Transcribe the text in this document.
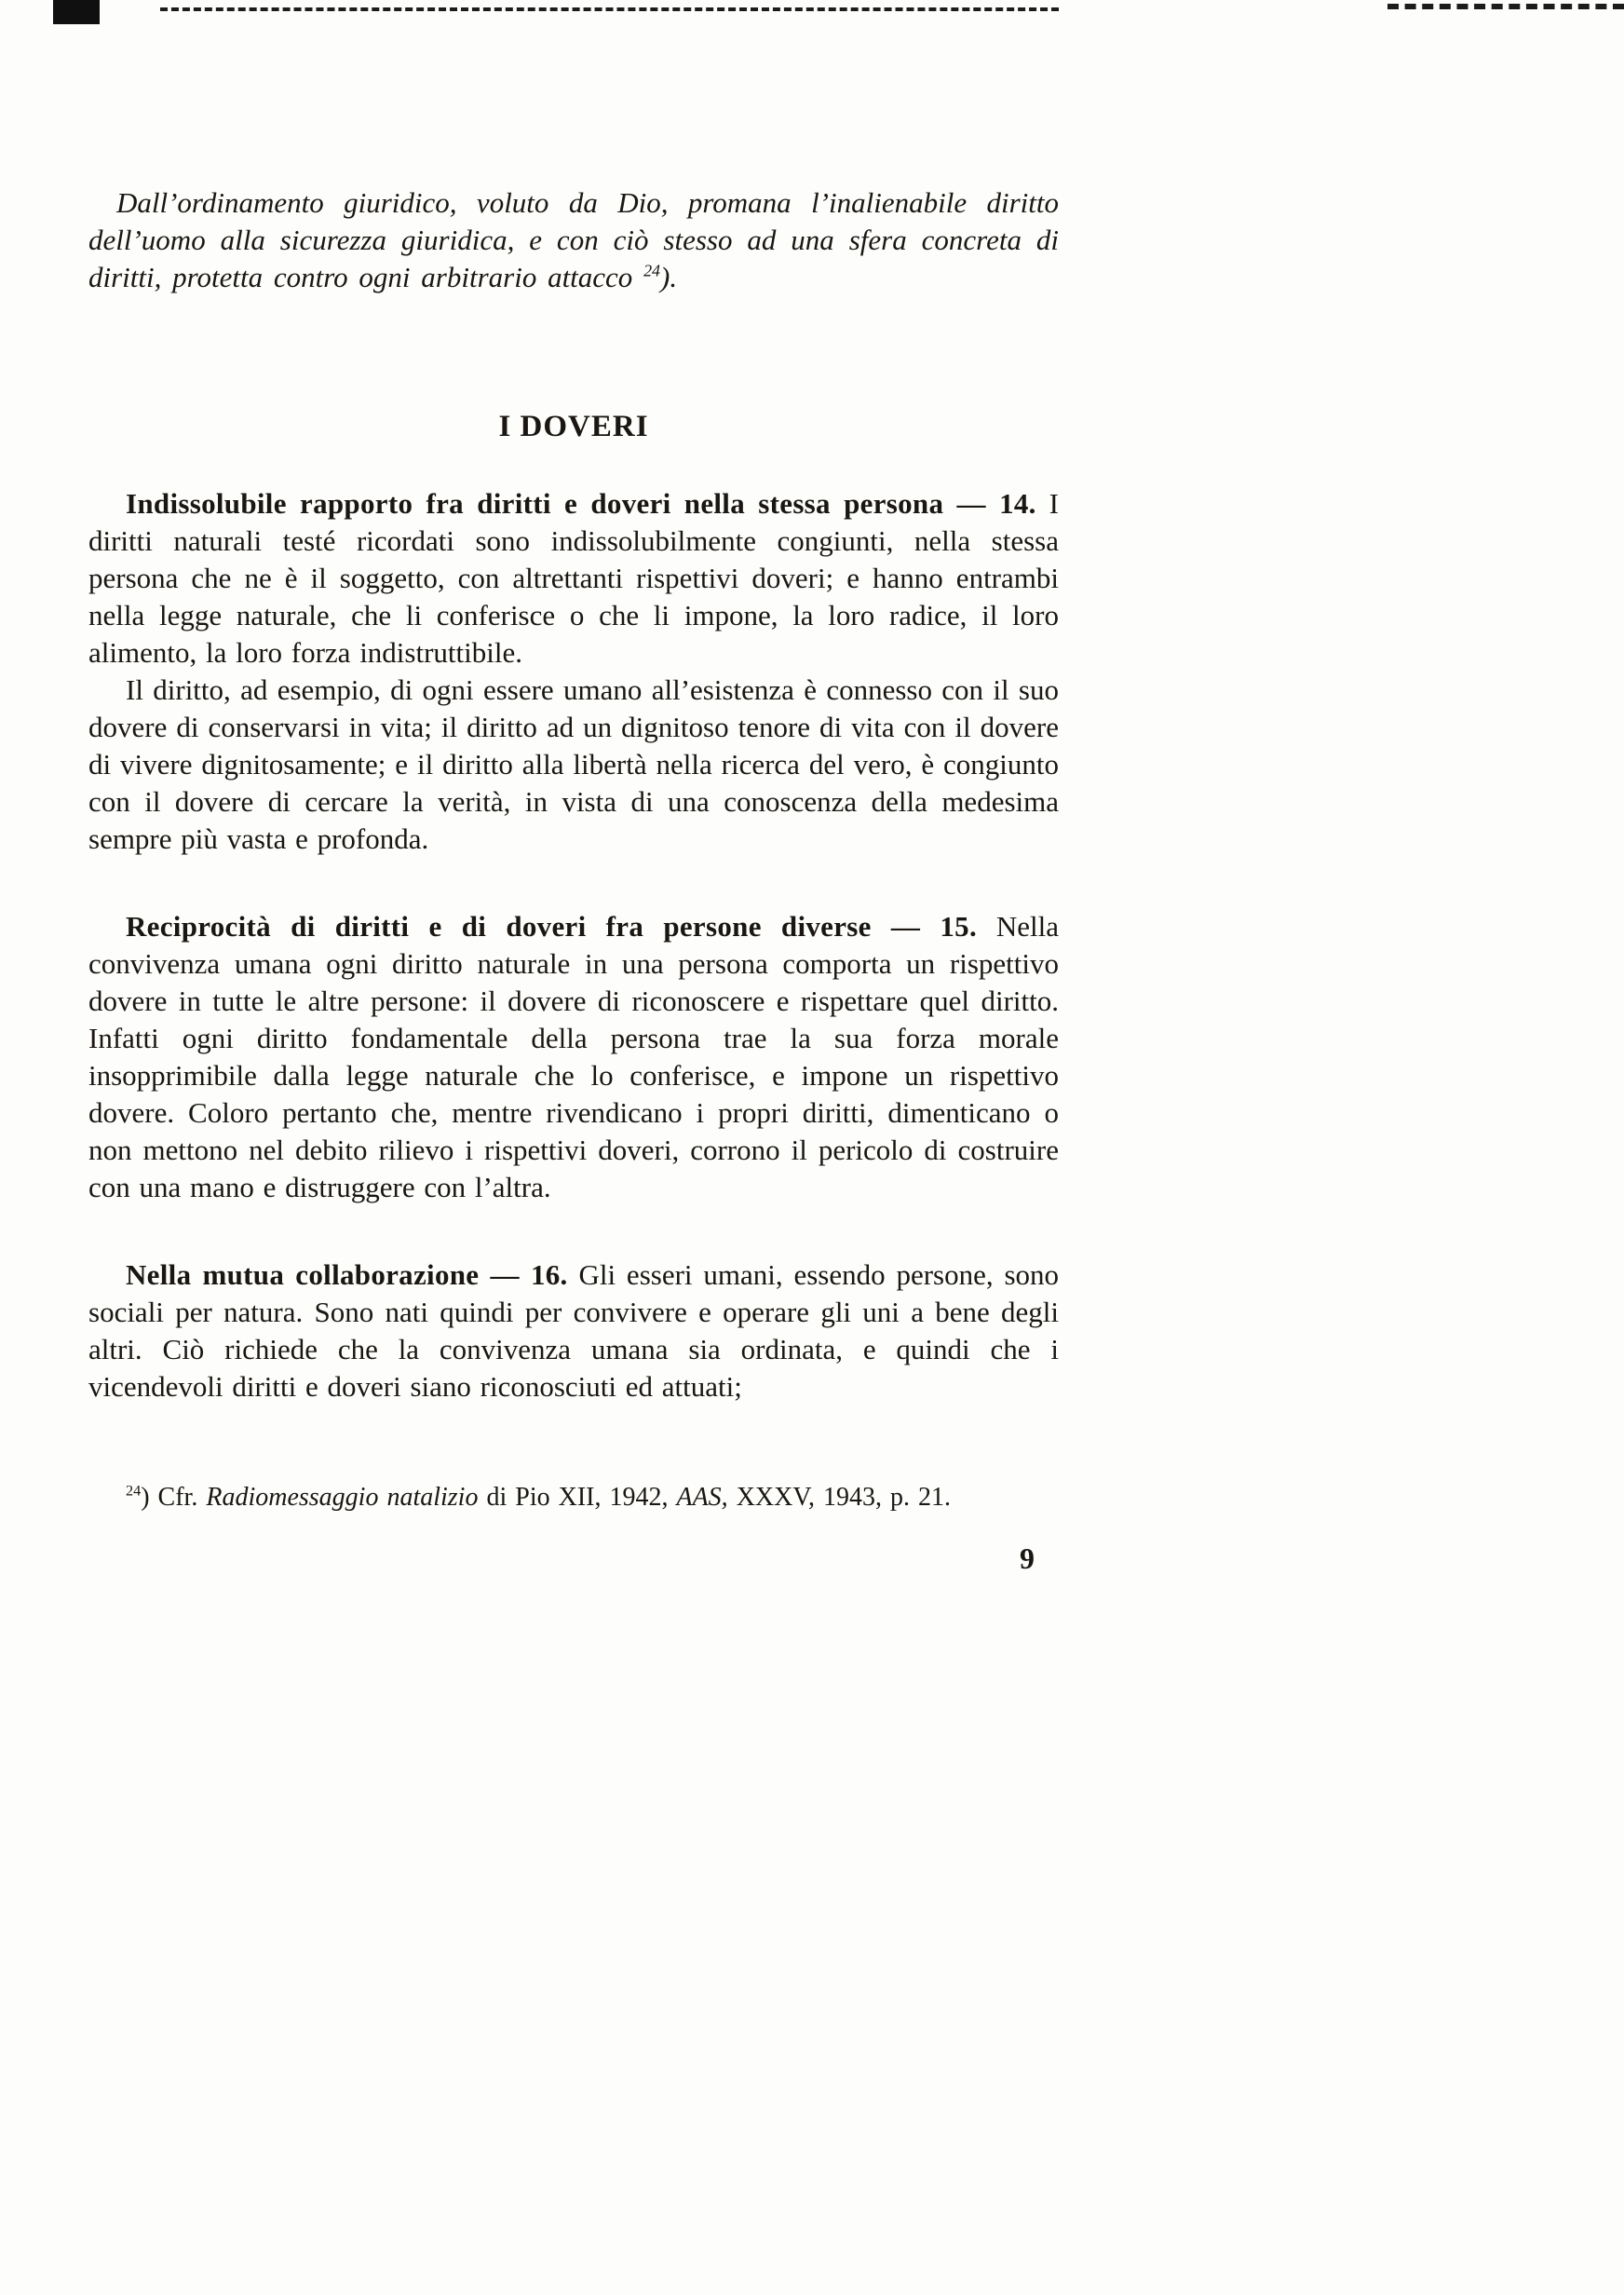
Dall’ordinamento giuridico, voluto da Dio, promana l’inalienabile diritto dell’uomo alla sicurezza giuridica, e con ciò stesso ad una sfera concreta di diritti, protetta contro ogni arbitrario attacco $^{24}$).

I DOVERI

Indissolubile rapporto fra diritti e doveri nella stessa persona — 14. I diritti naturali testé ricordati sono indissolubilmente congiunti, nella stessa persona che ne è il soggetto, con altrettanti rispettivi doveri; e hanno entrambi nella legge naturale, che li conferisce o che li impone, la loro radice, il loro alimento, la loro forza indistruttibile.

Il diritto, ad esempio, di ogni essere umano all’esistenza è connesso con il suo dovere di conservarsi in vita; il diritto ad un dignitoso tenore di vita con il dovere di vivere dignitosamente; e il diritto alla libertà nella ricerca del vero, è congiunto con il dovere di cercare la verità, in vista di una conoscenza della medesima sempre più vasta e profonda.

Reciprocità di diritti e di doveri fra persone diverse — 15. Nella convivenza umana ogni diritto naturale in una persona comporta un rispettivo dovere in tutte le altre persone: il dovere di riconoscere e rispettare quel diritto. Infatti ogni diritto fondamentale della persona trae la sua forza morale insopprimibile dalla legge naturale che lo conferisce, e impone un rispettivo dovere. Coloro pertanto che, mentre rivendicano i propri diritti, dimenticano o non mettono nel debito rilievo i rispettivi doveri, corrono il pericolo di costruire con una mano e distruggere con l’altra.

Nella mutua collaborazione — 16. Gli esseri umani, essendo persone, sono sociali per natura. Sono nati quindi per convivere e operare gli uni a bene degli altri. Ciò richiede che la convivenza umana sia ordinata, e quindi che i vicendevoli diritti e doveri siano riconosciuti ed attuati;

$^{24}$) Cfr. Radiomessaggio natalizio di Pio XII, 1942, AAS, XXXV, 1943, p. 21.

9
